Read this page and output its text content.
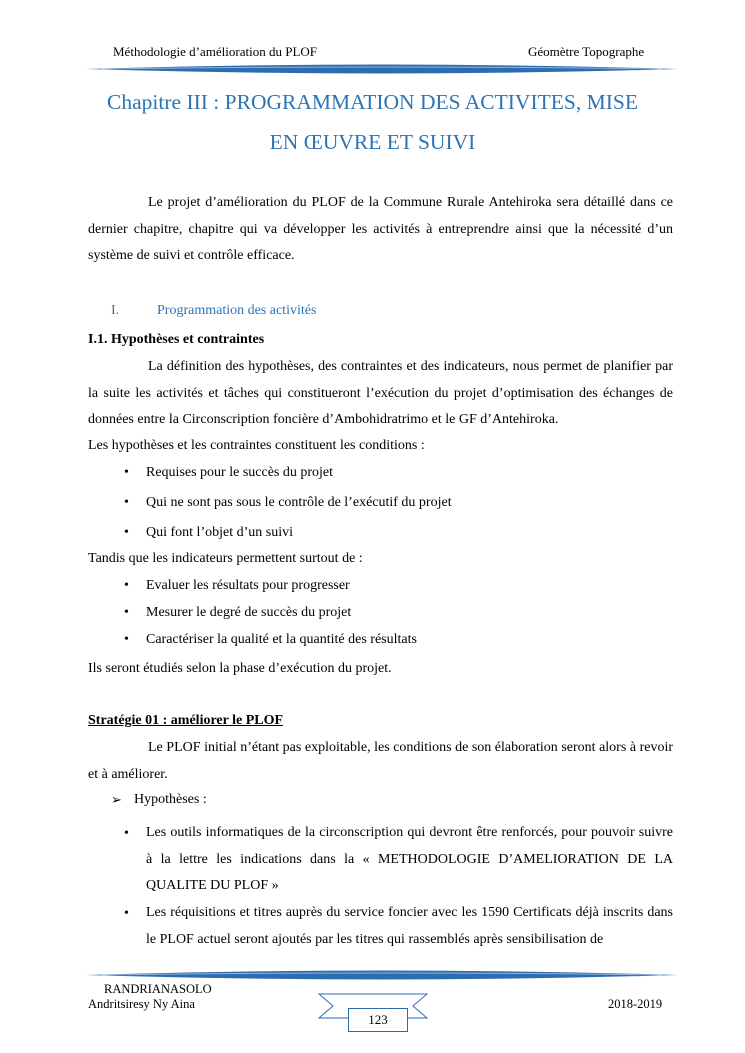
Méthodologie d’amélioration du PLOF	Géomètre Topographe
Chapitre III : PROGRAMMATION DES ACTIVITES, MISE
EN ŒUVRE ET SUIVI
Le projet d’amélioration du PLOF de la Commune Rurale Antehiroka sera détaillé dans ce dernier chapitre, chapitre qui va développer les activités à entreprendre ainsi que la nécessité d’un système de suivi et contrôle efficace.
I.	Programmation des activités
I.1. Hypothèses et contraintes
La définition des hypothèses, des contraintes et des indicateurs, nous permet de planifier par la suite les activités et tâches qui constitueront l’exécution du projet d’optimisation des échanges de données entre la Circonscription foncière d’Ambohidratrimo et le GF d’Antehiroka.
Les hypothèses et les contraintes constituent les conditions :
• Requises pour le succès du projet
• Qui ne sont pas sous le contrôle de l’exécutif du projet
• Qui font l’objet d’un suivi
Tandis que les indicateurs permettent surtout de :
• Evaluer les résultats pour progresser
• Mesurer le degré de succès du projet
• Caractériser la qualité et la quantité des résultats
Ils seront étudiés selon la phase d’exécution du projet.
Stratégie 01 : améliorer le PLOF
Le PLOF initial n’étant pas exploitable, les conditions de son élaboration seront alors à revoir et à améliorer.
➢ Hypothèses :
• Les outils informatiques de la circonscription qui devront être renforcés, pour pouvoir suivre à la lettre les indications dans la « METHODOLOGIE D’AMELIORATION DE LA QUALITE DU PLOF »
• Les réquisitions et titres auprès du service foncier avec les 1590 Certificats déjà inscrits dans le PLOF actuel seront ajoutés par les titres qui rassemblés après sensibilisation de
RANDRIANASOLO
Andritsiresy Ny Aina	2018-2019
123
